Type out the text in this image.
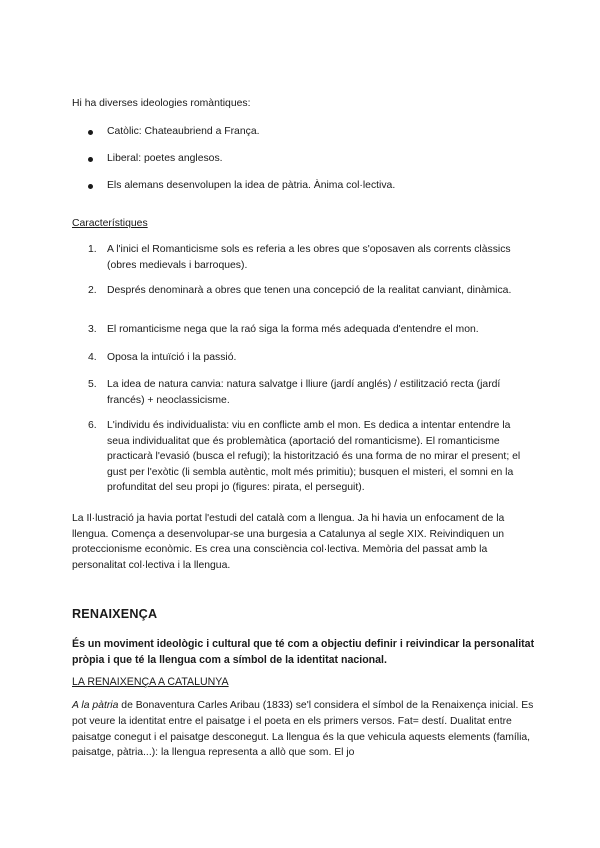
Hi ha diverses ideologies romàntiques:
Catòlic: Chateaubriend a França.
Liberal: poetes anglesos.
Els alemans desenvolupen la idea de pàtria. Ànima col·lectiva.
Característiques
1. A l'inici el Romanticisme sols es referia a les obres que s'oposaven als corrents clàssics (obres medievals i barroques).
2. Després denominarà a obres que tenen una concepció de la realitat canviant, dinàmica.
3. El romanticisme nega que la raó siga la forma més adequada d'entendre el mon.
4. Oposa la intuïció i la passió.
5. La idea de natura canvia: natura salvatge i lliure (jardí anglés) / estilització recta (jardí francés) + neoclassicisme.
6. L'individu és individualista: viu en conflicte amb el mon. Es dedica a intentar entendre la seua individualitat que és problemàtica (aportació del romanticisme). El romanticisme practicarà l'evasió (busca el refugi); la historització és una forma de no mirar el present; el gust per l'exòtic (li sembla autèntic, molt més primitiu); busquen el misteri, el somni en la profunditat del seu propi jo (figures: pirata, el perseguit).
La Il·lustració ja havia portat l'estudi del català com a llengua. Ja hi havia un enfocament de la llengua. Comença a desenvolupar-se una burgesia a Catalunya al segle XIX. Reivindiquen un proteccionisme econòmic. Es crea una consciència col·lectiva. Memòria del passat amb la personalitat col·lectiva i la llengua.
RENAIXENÇA
És un moviment ideològic i cultural que té com a objectiu definir i reivindicar la personalitat pròpia i que té la llengua com a símbol de la identitat nacional.
LA RENAIXENÇA A CATALUNYA
A la pàtria de Bonaventura Carles Aribau (1833) se'l considera el símbol de la Renaixença inicial. Es pot veure la identitat entre el paisatge i el poeta en els primers versos. Fat= destí. Dualitat entre paisatge conegut i el paisatge desconegut. La llengua és la que vehicula aquests elements (família, paisatge, pàtria...): la llengua representa a allò que som. El jo
